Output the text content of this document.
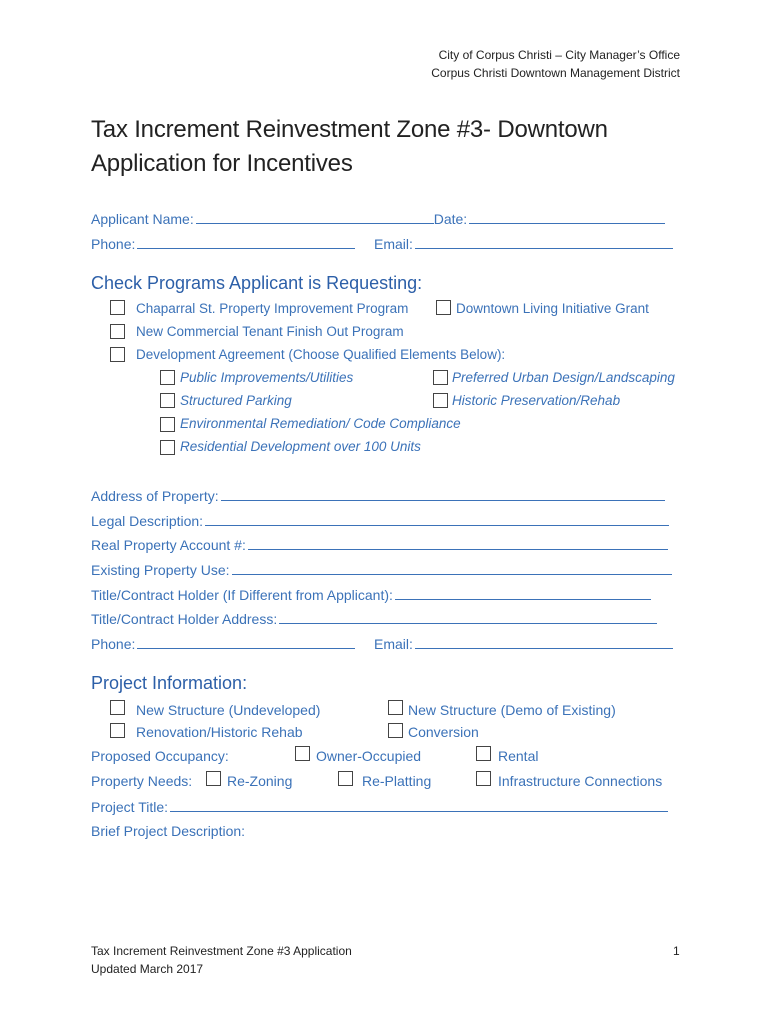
City of Corpus Christi – City Manager’s Office
Corpus Christi Downtown Management District
Tax Increment Reinvestment Zone #3- Downtown
Application for Incentives
Applicant Name:	Date:
Phone:	Email:
Check Programs Applicant is Requesting:
Chaparral St. Property Improvement Program	Downtown Living Initiative Grant
New Commercial Tenant Finish Out Program
Development Agreement (Choose Qualified Elements Below):
Public Improvements/Utilities	Preferred Urban Design/Landscaping
Structured Parking	Historic Preservation/Rehab
Environmental Remediation/ Code Compliance
Residential Development over 100 Units
Address of Property:
Legal Description:
Real Property Account #:
Existing Property Use:
Title/Contract Holder (If Different from Applicant):
Title/Contract Holder Address:
Phone:	Email:
Project Information:
New Structure (Undeveloped)	New Structure (Demo of Existing)
Renovation/Historic Rehab	Conversion
Proposed Occupancy:	Owner-Occupied	Rental
Property Needs: Re-Zoning	Re-Platting	Infrastructure Connections
Project Title:
Brief Project Description:
Tax Increment Reinvestment Zone #3 Application
Updated March 2017
1
